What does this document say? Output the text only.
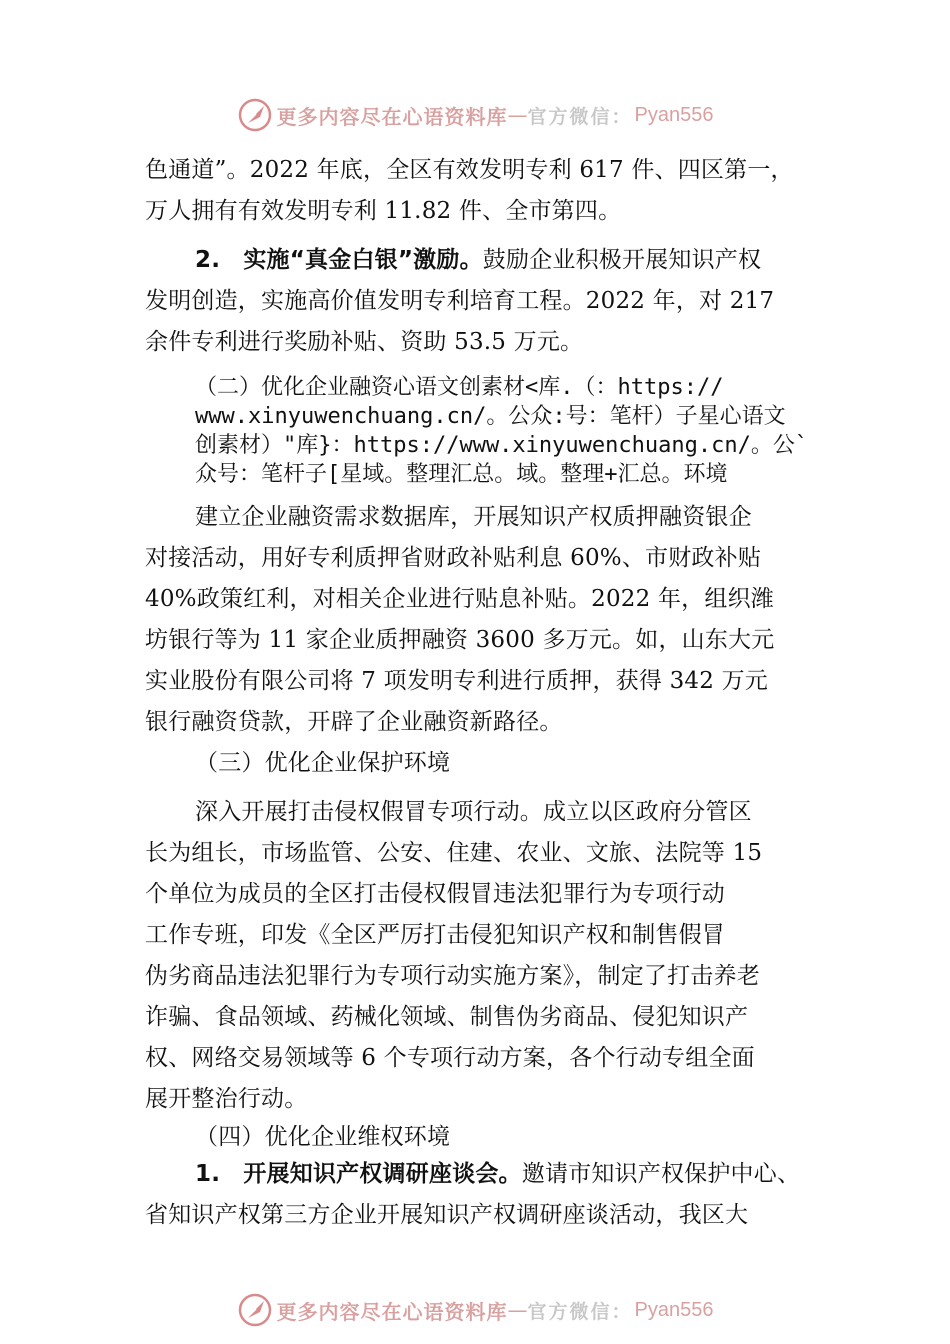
更多内容尽在心语资料库 — 官方微信： Pyan556
色通道”。2022 年底，全区有效发明专利 617 件、四区第一，
万人拥有有效发明专利 11.82 件、全市第四。
2.　实施“真金白银”激励。鼓励企业积极开展知识产权
发明创造，实施高价值发明专利培育工程。2022 年，对 217
余件专利进行奖励补贴、资助 53.5 万元。
（二）优化企业融资心语文创素材<库.（：https://
www.xinyuwenchuang.cn/。公众:号：笔杆）子星心语文
创素材）"库}：https://www.xinyuwenchuang.cn/。公`
众号：笔杆子[星域。整理汇总。域。整理+汇总。环境
建立企业融资需求数据库，开展知识产权质押融资银企
对接活动，用好专利质押省财政补贴利息 60%、市财政补贴
40%政策红利，对相关企业进行贴息补贴。2022 年，组织潍
坊银行等为 11 家企业质押融资 3600 多万元。如，山东大元
实业股份有限公司将 7 项发明专利进行质押，获得 342 万元
银行融资贷款，开辟了企业融资新路径。
（三）优化企业保护环境
深入开展打击侵权假冒专项行动。成立以区政府分管区
长为组长，市场监管、公安、住建、农业、文旅、法院等 15
个单位为成员的全区打击侵权假冒违法犯罪行为专项行动
工作专班，印发《全区严厉打击侵犯知识产权和制售假冒
伪劣商品违法犯罪行为专项行动实施方案》，制定了打击养老
诈骗、食品领域、药械化领域、制售伪劣商品、侵犯知识产
权、网络交易领域等 6 个专项行动方案，各个行动专组全面
展开整治行动。
（四）优化企业维权环境
1.　开展知识产权调研座谈会。邀请市知识产权保护中心、
省知识产权第三方企业开展知识产权调研座谈活动，我区大
更多内容尽在心语资料库 — 官方微信： Pyan556
